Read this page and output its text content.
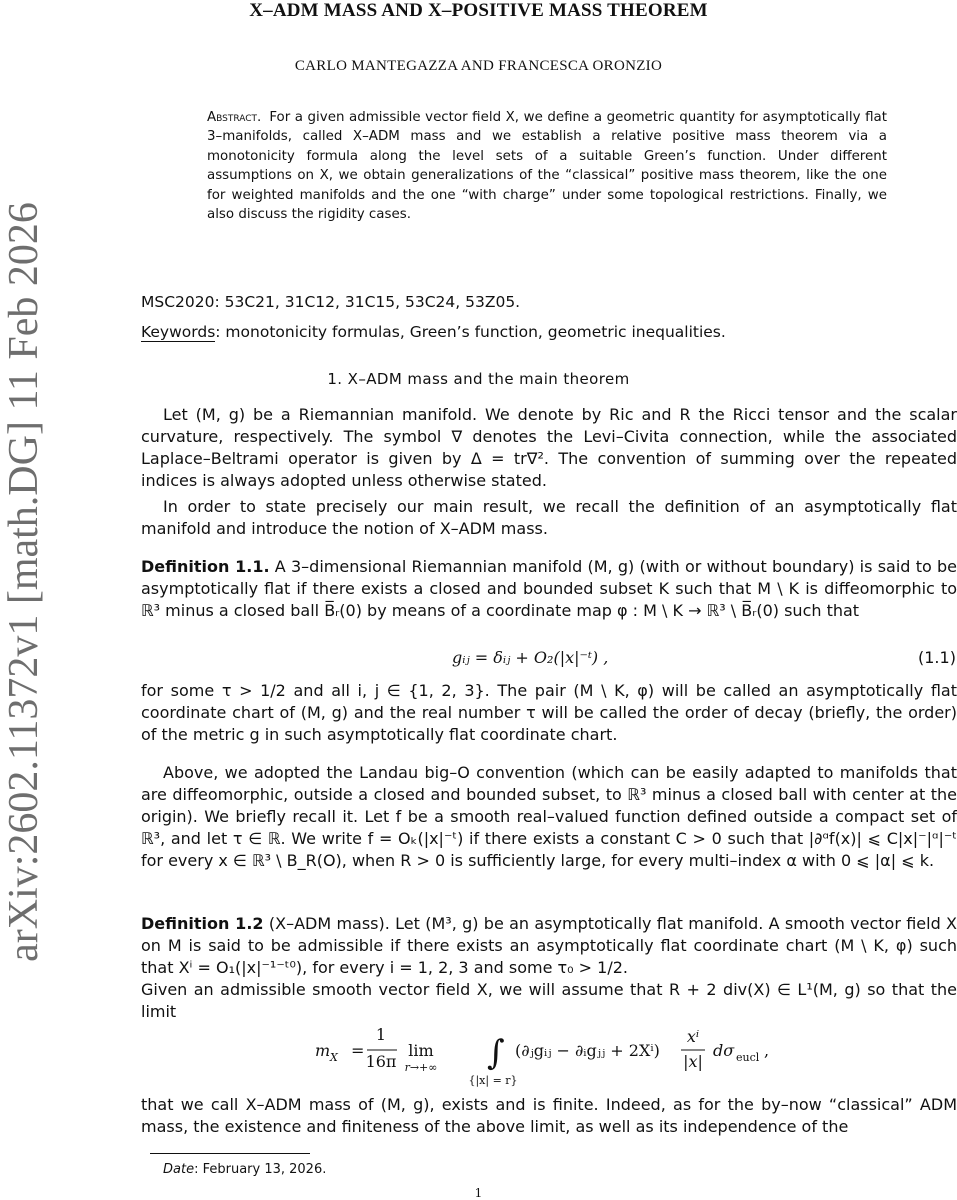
arXiv:2602.11372v1 [math.DG] 11 Feb 2026
X–ADM MASS AND X–POSITIVE MASS THEOREM
CARLO MANTEGAZZA AND FRANCESCA ORONZIO
Abstract. For a given admissible vector field X, we define a geometric quantity for asymptotically flat 3–manifolds, called X–ADM mass and we establish a relative positive mass theorem via a monotonicity formula along the level sets of a suitable Green’s function. Under different assumptions on X, we obtain generalizations of the “classical” positive mass theorem, like the one for weighted manifolds and the one “with charge” under some topological restrictions. Finally, we also discuss the rigidity cases.
MSC2020: 53C21, 31C12, 31C15, 53C24, 53Z05.
Keywords: monotonicity formulas, Green’s function, geometric inequalities.
1. X–ADM mass and the main theorem

Let (M, g) be a Riemannian manifold. We denote by Ric and R the Ricci tensor and the scalar curvature, respectively. The symbol ∇ denotes the Levi–Civita connection, while the associated Laplace–Beltrami operator is given by Δ = tr∇². The convention of summing over the repeated indices is always adopted unless otherwise stated.

In order to state precisely our main result, we recall the definition of an asymptotically flat manifold and introduce the notion of X–ADM mass.

Definition 1.1. A 3–dimensional Riemannian manifold (M, g) (with or without boundary) is said to be asymptotically flat if there exists a closed and bounded subset K such that M \ K is diffeomorphic to ℝ³ minus a closed ball B̅ᵣ(0) by means of a coordinate map φ : M \ K → ℝ³ \ B̅ᵣ(0) such that

gᵢⱼ = δᵢⱼ + O₂(|x|⁻ᵗ) ,	(1.1)

for some τ > 1/2 and all i, j ∈ {1, 2, 3}. The pair (M \ K, φ) will be called an asymptotically flat coordinate chart of (M, g) and the real number τ will be called the order of decay (briefly, the order) of the metric g in such asymptotically flat coordinate chart.

Above, we adopted the Landau big–O convention (which can be easily adapted to manifolds that are diffeomorphic, outside a closed and bounded subset, to ℝ³ minus a closed ball with center at the origin). We briefly recall it. Let f be a smooth real–valued function defined outside a compact set of ℝ³, and let τ ∈ ℝ. We write f = Oₖ(|x|⁻ᵗ) if there exists a constant C > 0 such that |∂ᵅf(x)| ⩽ C|x|⁻|ᵅ|⁻ᵗ for every x ∈ ℝ³ \ B_R(O), when R > 0 is sufficiently large, for every multi–index α with 0 ⩽ |α| ⩽ k.

Definition 1.2 (X–ADM mass). Let (M³, g) be an asymptotically flat manifold. A smooth vector field X on M is said to be admissible if there exists an asymptotically flat coordinate chart (M \ K, φ) such that Xⁱ = O₁(|x|⁻¹⁻ᵗ⁰), for every i = 1, 2, 3 and some τ₀ > 1/2.

Given an admissible smooth vector field X, we will assume that R + 2 div(X) ∈ L¹(M, g) so that the limit

m X =
1
16π
lim
r→+∞ ∫
{|x| = r}
(∂ⱼgᵢⱼ − ∂ᵢgⱼⱼ + 2Xⁱ)
xⁱ
|x|
dσ eucl ,

that we call X–ADM mass of (M, g), exists and is finite. Indeed, as for the by–now “classical” ADM mass, the existence and finiteness of the above limit, as well as its independence of the

Date: February 13, 2026.
1
